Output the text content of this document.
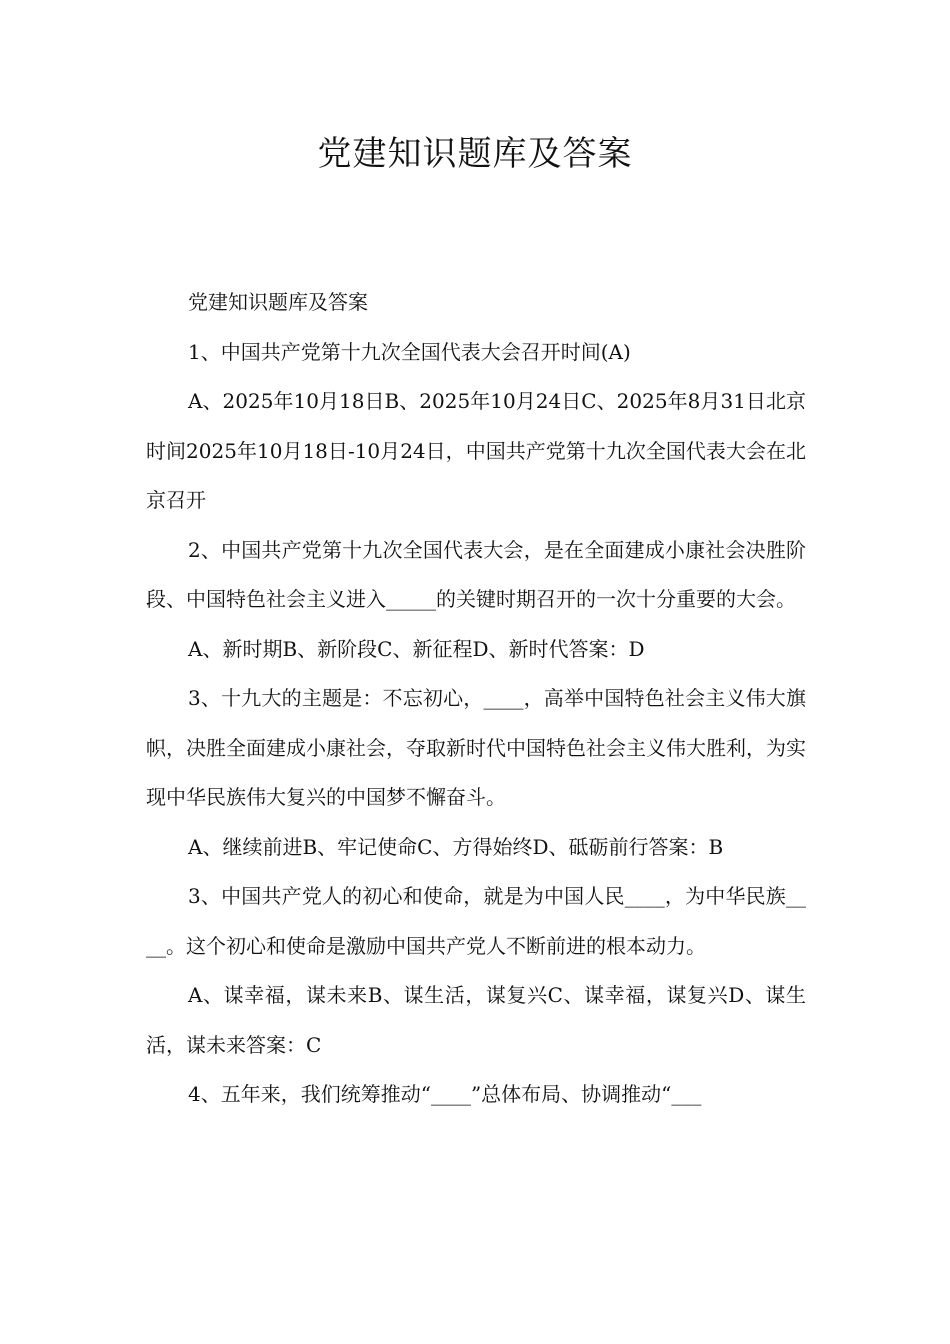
党建知识题库及答案

党建知识题库及答案

1、中国共产党第十九次全国代表大会召开时间(A)

A、2025年10月18日B、2025年10月24日C、2025年8月31日北京时间2025年10月18日-10月24日，中国共产党第十九次全国代表大会在北京召开

2、中国共产党第十九次全国代表大会，是在全面建成小康社会决胜阶段、中国特色社会主义进入_____的关键时期召开的一次十分重要的大会。

A、新时期B、新阶段C、新征程D、新时代答案：D

3、十九大的主题是：不忘初心，____，高举中国特色社会主义伟大旗帜，决胜全面建成小康社会，夺取新时代中国特色社会主义伟大胜利，为实现中华民族伟大复兴的中国梦不懈奋斗。

A、继续前进B、牢记使命C、方得始终D、砥砺前行答案：B

3、中国共产党人的初心和使命，就是为中国人民____，为中华民族____。这个初心和使命是激励中国共产党人不断前进的根本动力。

A、谋幸福，谋未来B、谋生活，谋复兴C、谋幸福，谋复兴D、谋生活，谋未来答案：C

4、五年来，我们统筹推动“____”总体布局、协调推动“___
